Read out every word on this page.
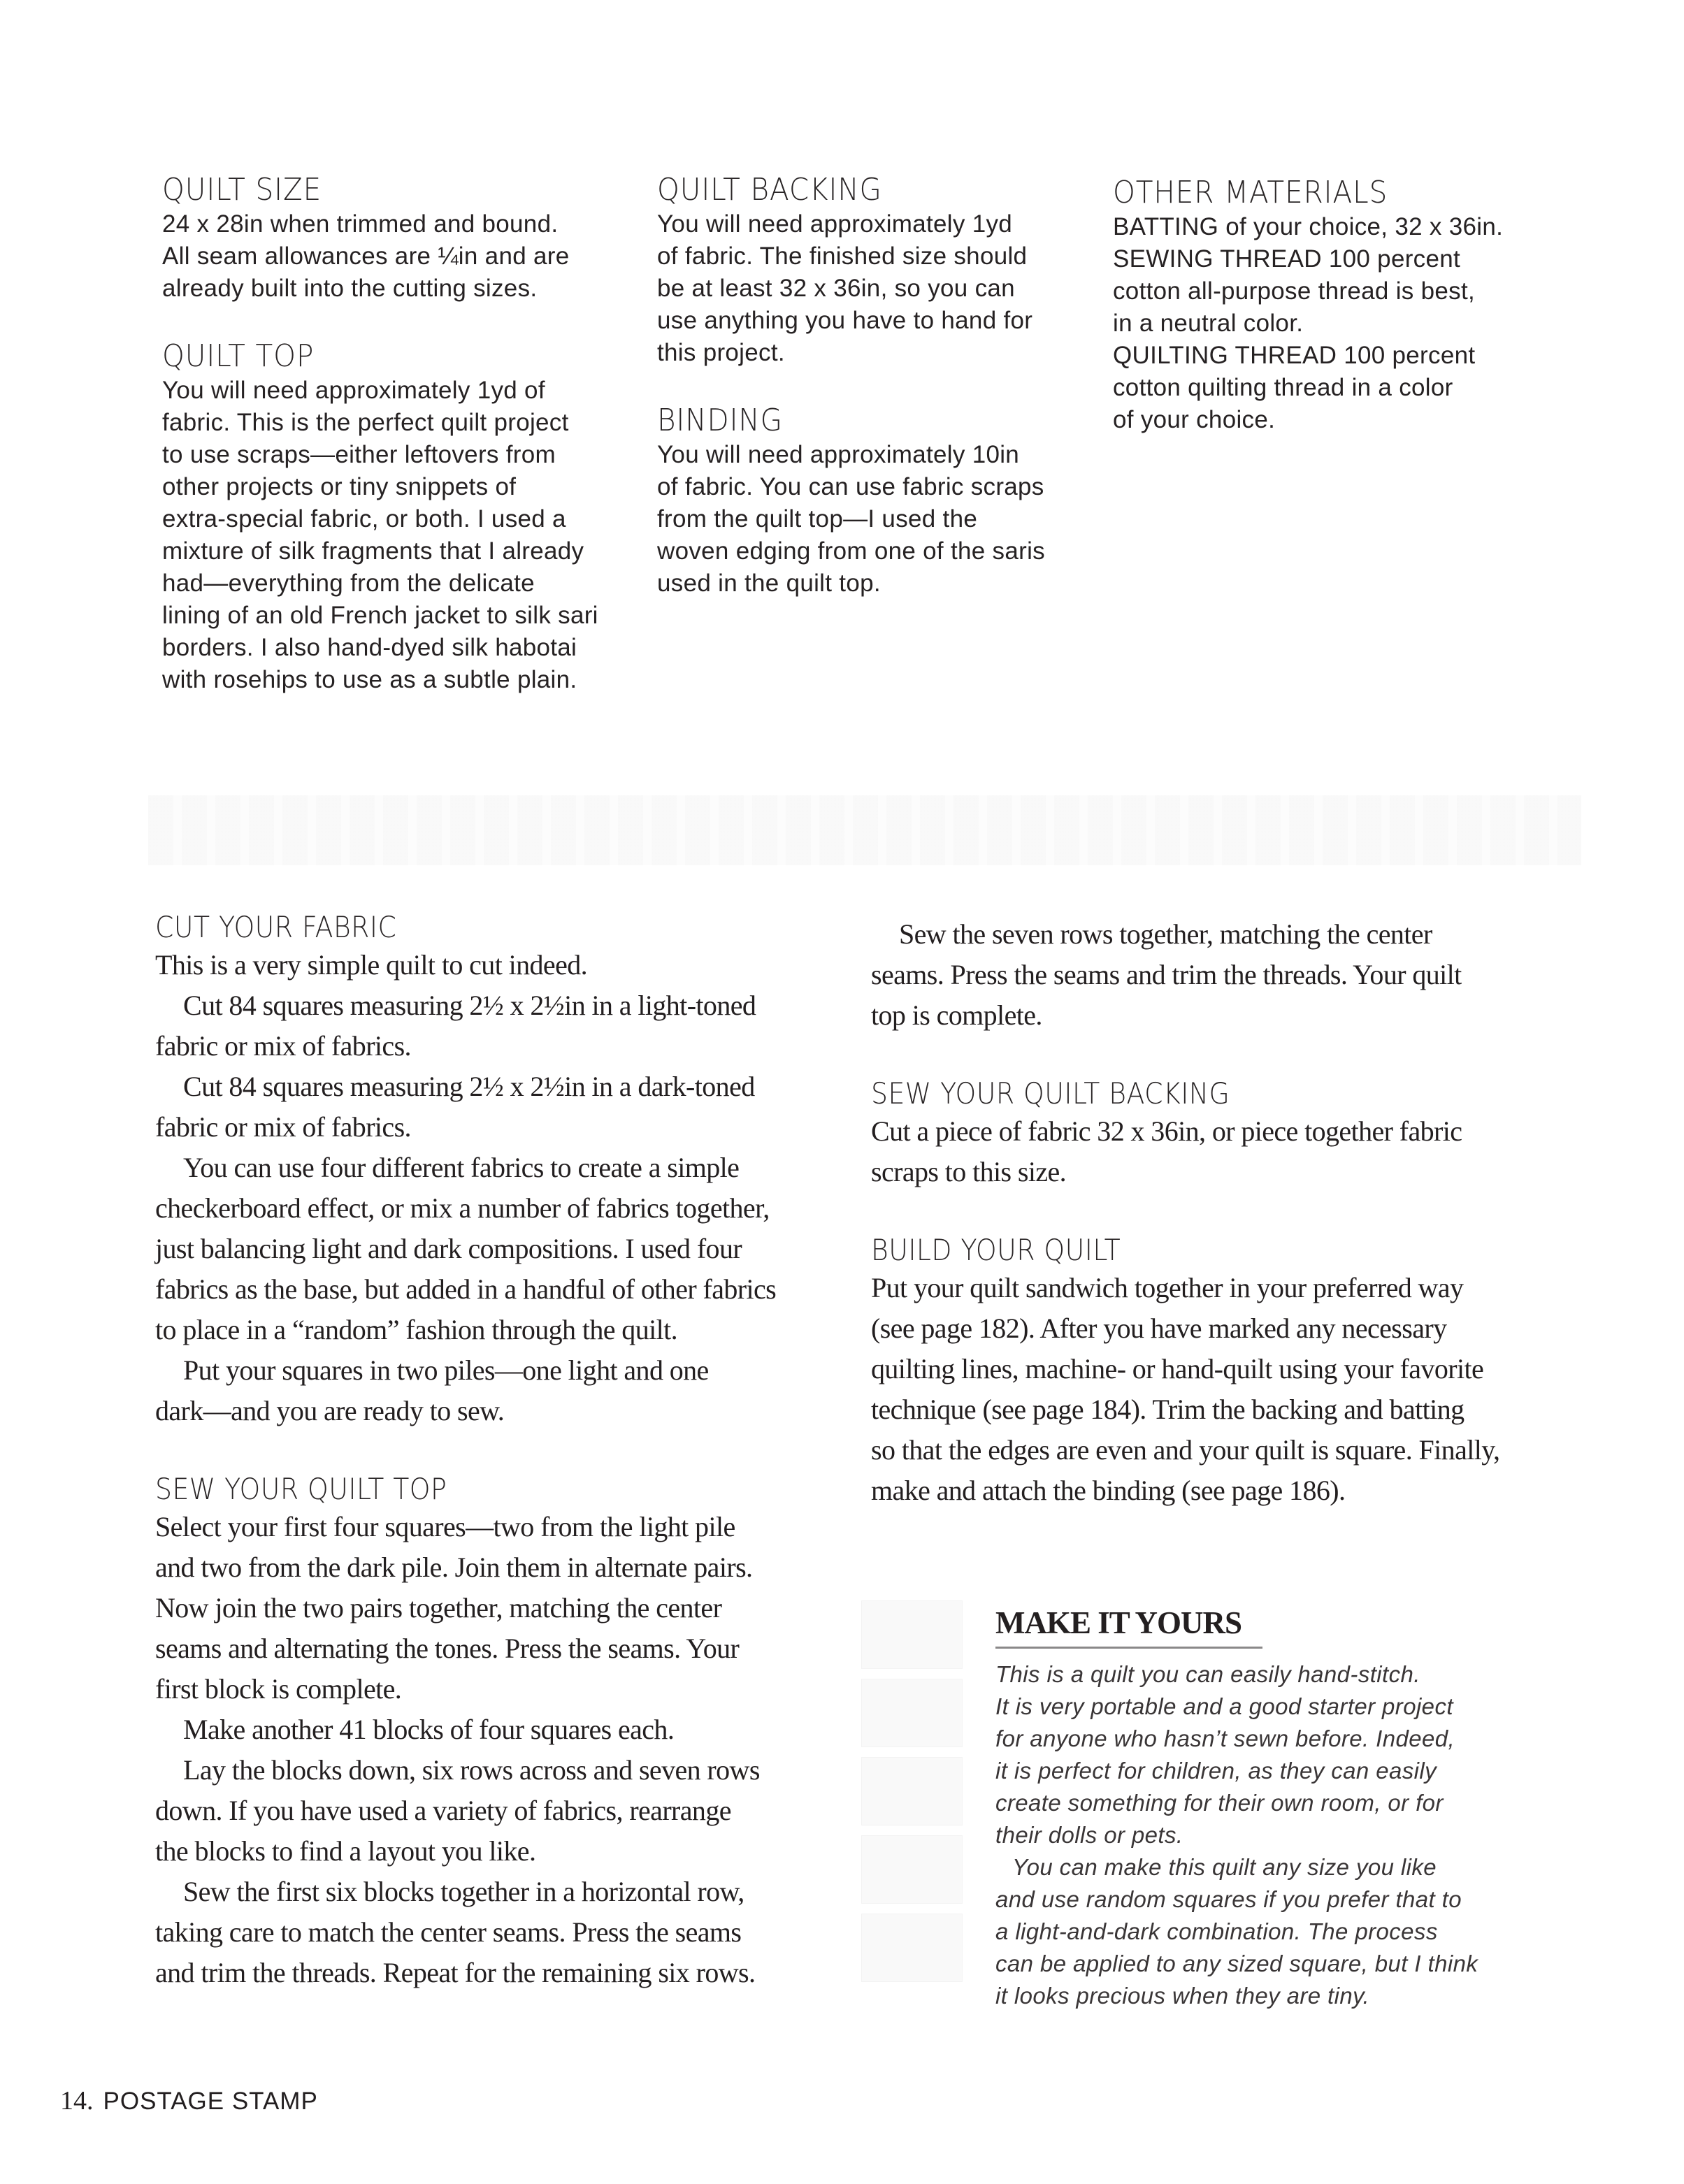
QUILT SIZE

24 x 28in when trimmed and bound.
All seam allowances are ¼in and are
already built into the cutting sizes.

QUILT TOP

You will need approximately 1yd of
fabric. This is the perfect quilt project
to use scraps—either leftovers from
other projects or tiny snippets of
extra-special fabric, or both. I used a
mixture of silk fragments that I already
had—everything from the delicate
lining of an old French jacket to silk sari
borders. I also hand-dyed silk habotai
with rosehips to use as a subtle plain.

QUILT BACKING

You will need approximately 1yd
of fabric. The finished size should
be at least 32 x 36in, so you can
use anything you have to hand for
this project.

BINDING

You will need approximately 10in
of fabric. You can use fabric scraps
from the quilt top—I used the
woven edging from one of the saris
used in the quilt top.

OTHER MATERIALS

BATTING of your choice, 32 x 36in.
SEWING THREAD 100 percent
cotton all-purpose thread is best,
in a neutral color.
QUILTING THREAD 100 percent
cotton quilting thread in a color
of your choice.

CUT YOUR FABRIC

This is a very simple quilt to cut indeed.
Cut 84 squares measuring 2½ x 2½in in a light-toned
fabric or mix of fabrics.
Cut 84 squares measuring 2½ x 2½in in a dark-toned
fabric or mix of fabrics.
You can use four different fabrics to create a simple
checkerboard effect, or mix a number of fabrics together,
just balancing light and dark compositions. I used four
fabrics as the base, but added in a handful of other fabrics
to place in a “random” fashion through the quilt.
Put your squares in two piles—one light and one
dark—and you are ready to sew.

SEW YOUR QUILT TOP

Select your first four squares—two from the light pile
and two from the dark pile. Join them in alternate pairs.
Now join the two pairs together, matching the center
seams and alternating the tones. Press the seams. Your
first block is complete.
Make another 41 blocks of four squares each.
Lay the blocks down, six rows across and seven rows
down. If you have used a variety of fabrics, rearrange
the blocks to find a layout you like.
Sew the first six blocks together in a horizontal row,
taking care to match the center seams. Press the seams
and trim the threads. Repeat for the remaining six rows.

Sew the seven rows together, matching the center
seams. Press the seams and trim the threads. Your quilt
top is complete.

SEW YOUR QUILT BACKING

Cut a piece of fabric 32 x 36in, or piece together fabric
scraps to this size.

BUILD YOUR QUILT

Put your quilt sandwich together in your preferred way
(see page 182). After you have marked any necessary
quilting lines, machine- or hand-quilt using your favorite
technique (see page 184). Trim the backing and batting
so that the edges are even and your quilt is square. Finally,
make and attach the binding (see page 186).

MAKE IT YOURS

This is a quilt you can easily hand-stitch.
It is very portable and a good starter project
for anyone who hasn’t sewn before. Indeed,
it is perfect for children, as they can easily
create something for their own room, or for
their dolls or pets.
You can make this quilt any size you like
and use random squares if you prefer that to
a light-and-dark combination. The process
can be applied to any sized square, but I think
it looks precious when they are tiny.

14. POSTAGE STAMP
